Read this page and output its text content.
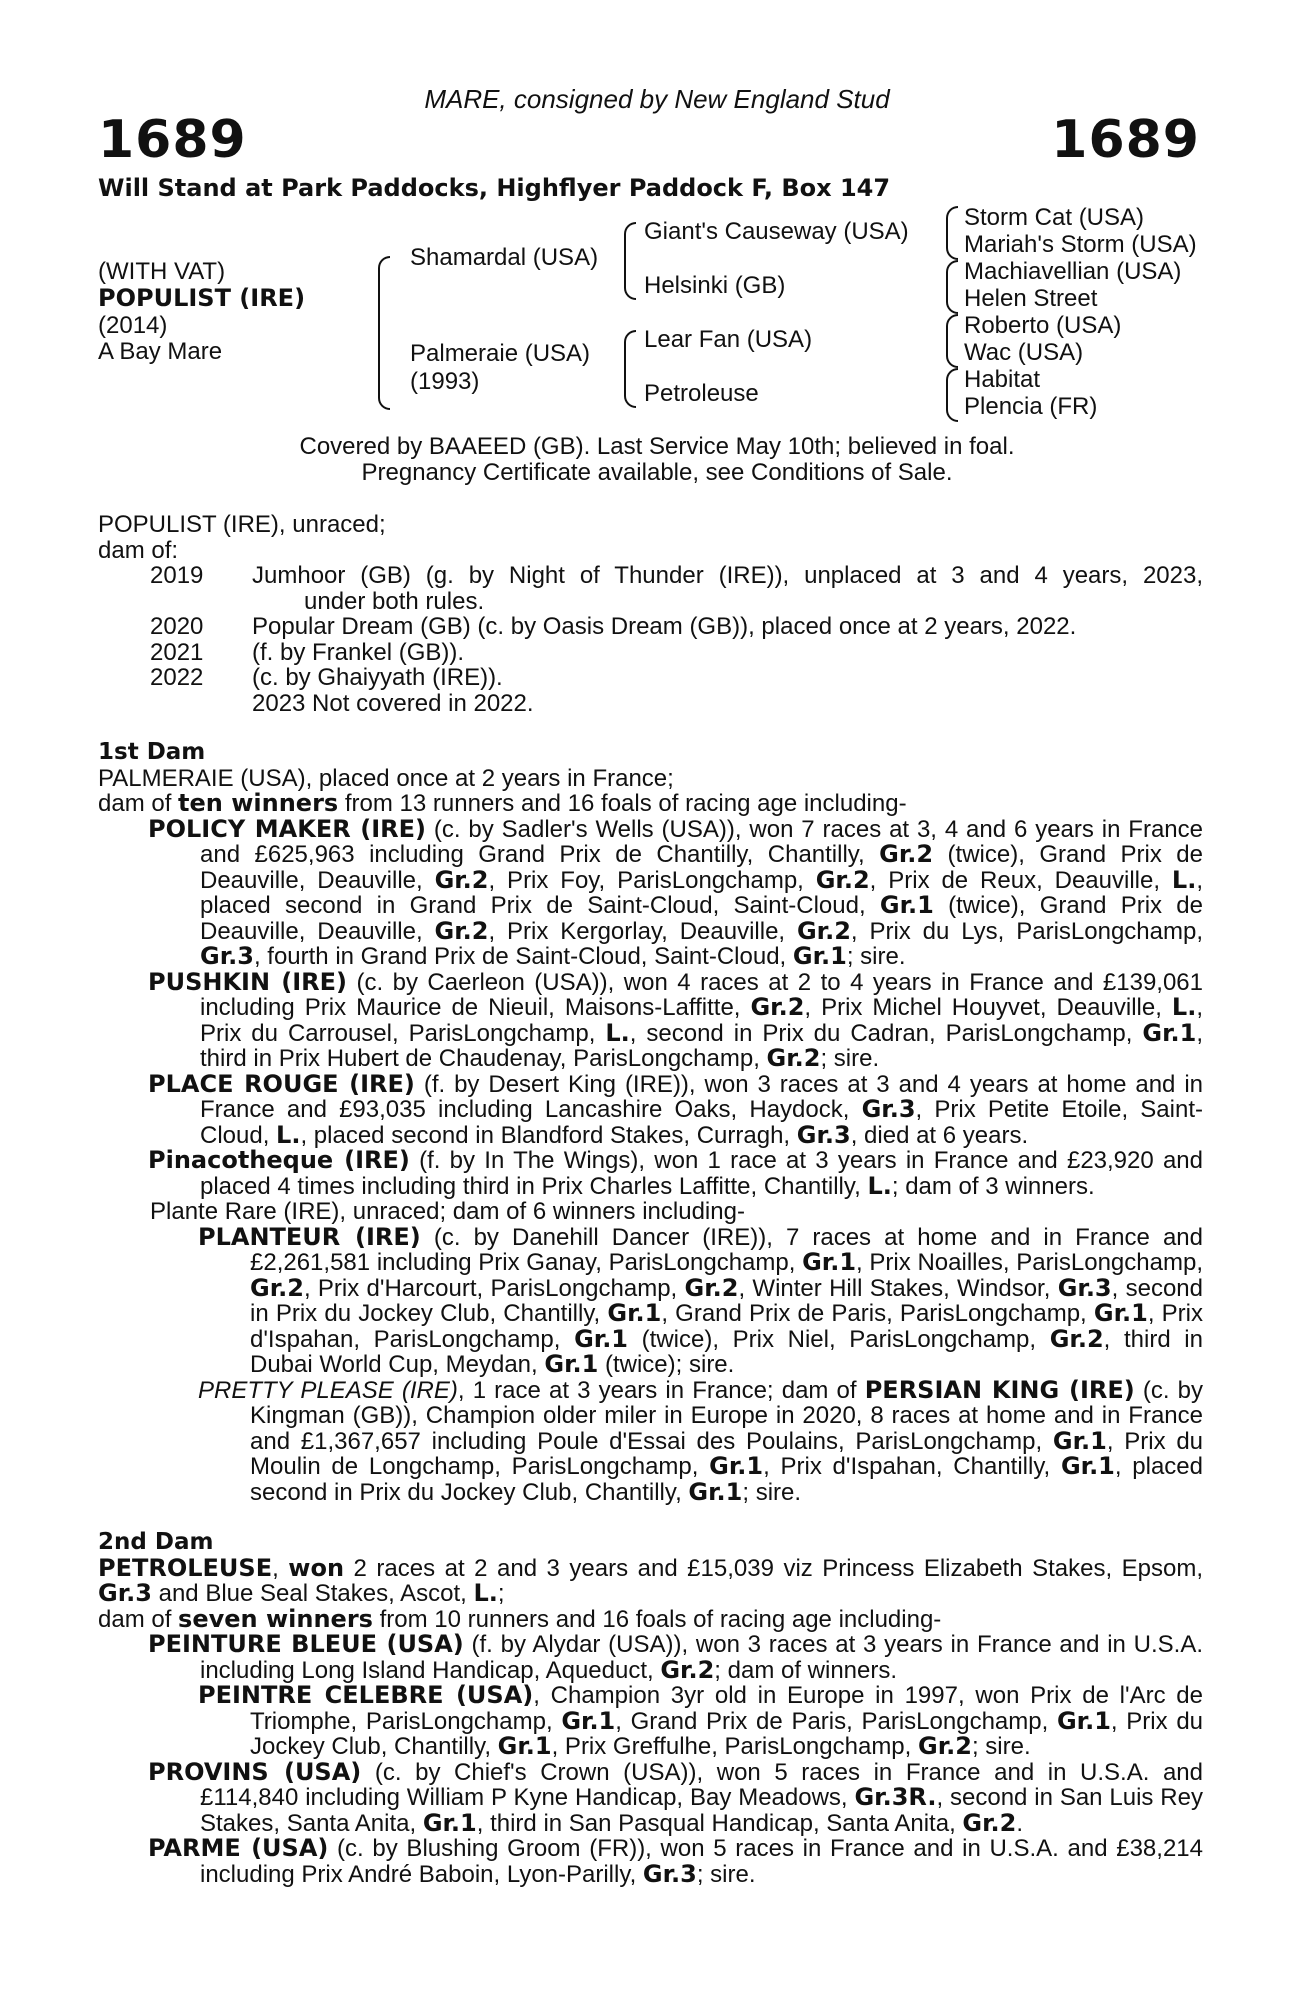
MARE, consigned by New England Stud
1689	1689
Will Stand at Park Paddocks, Highflyer Paddock F, Box 147
(WITH VAT)
POPULIST (IRE)
(2014)
A Bay Mare
Shamardal (USA)
Palmeraie (USA)
(1993)
Giant's Causeway (USA)
Helsinki (GB)
Lear Fan (USA)
Petroleuse
Storm Cat (USA)
Mariah's Storm (USA)
Machiavellian (USA)
Helen Street
Roberto (USA)
Wac (USA)
Habitat
Plencia (FR)

Covered by BAAEED (GB). Last Service May 10th; believed in foal.

Pregnancy Certificate available, see Conditions of Sale.

POPULIST (IRE), unraced;

dam of:

2019	Jumhoor (GB) (g. by Night of Thunder (IRE)), unplaced at 3 and 4 years, 2023,
under both rules.
2020	Popular Dream (GB) (c. by Oasis Dream (GB)), placed once at 2 years, 2022.
2021	(f. by Frankel (GB)).
2022	(c. by Ghaiyyath (IRE)).
2023 Not covered in 2022.

1st Dam

PALMERAIE (USA), placed once at 2 years in France;

dam of ten winners from 13 runners and 16 foals of racing age including-

POLICY MAKER (IRE) (c. by Sadler's Wells (USA)), won 7 races at 3, 4 and 6 years in France and £625,963 including Grand Prix de Chantilly, Chantilly, Gr.2 (twice), Grand Prix de Deauville, Deauville, Gr.2, Prix Foy, ParisLongchamp, Gr.2, Prix de Reux, Deauville, L., placed second in Grand Prix de Saint-Cloud, Saint-Cloud, Gr.1 (twice), Grand Prix de Deauville, Deauville, Gr.2, Prix Kergorlay, Deauville, Gr.2, Prix du Lys, ParisLongchamp, Gr.3, fourth in Grand Prix de Saint-Cloud, Saint-Cloud, Gr.1; sire.

PUSHKIN (IRE) (c. by Caerleon (USA)), won 4 races at 2 to 4 years in France and £139,061 including Prix Maurice de Nieuil, Maisons-Laffitte, Gr.2, Prix Michel Houyvet, Deauville, L., Prix du Carrousel, ParisLongchamp, L., second in Prix du Cadran, ParisLongchamp, Gr.1, third in Prix Hubert de Chaudenay, ParisLongchamp, Gr.2; sire.

PLACE ROUGE (IRE) (f. by Desert King (IRE)), won 3 races at 3 and 4 years at home and in France and £93,035 including Lancashire Oaks, Haydock, Gr.3, Prix Petite Etoile, Saint-Cloud, L., placed second in Blandford Stakes, Curragh, Gr.3, died at 6 years.

Pinacotheque (IRE) (f. by In The Wings), won 1 race at 3 years in France and £23,920 and placed 4 times including third in Prix Charles Laffitte, Chantilly, L.; dam of 3 winners.

Plante Rare (IRE), unraced; dam of 6 winners including-

PLANTEUR (IRE) (c. by Danehill Dancer (IRE)), 7 races at home and in France and £2,261,581 including Prix Ganay, ParisLongchamp, Gr.1, Prix Noailles, ParisLongchamp, Gr.2, Prix d'Harcourt, ParisLongchamp, Gr.2, Winter Hill Stakes, Windsor, Gr.3, second in Prix du Jockey Club, Chantilly, Gr.1, Grand Prix de Paris, ParisLongchamp, Gr.1, Prix d'Ispahan, ParisLongchamp, Gr.1 (twice), Prix Niel, ParisLongchamp, Gr.2, third in Dubai World Cup, Meydan, Gr.1 (twice); sire.

PRETTY PLEASE (IRE), 1 race at 3 years in France; dam of PERSIAN KING (IRE) (c. by Kingman (GB)), Champion older miler in Europe in 2020, 8 races at home and in France and £1,367,657 including Poule d'Essai des Poulains, ParisLongchamp, Gr.1, Prix du Moulin de Longchamp, ParisLongchamp, Gr.1, Prix d'Ispahan, Chantilly, Gr.1, placed second in Prix du Jockey Club, Chantilly, Gr.1; sire.

2nd Dam

PETROLEUSE, won 2 races at 2 and 3 years and £15,039 viz Princess Elizabeth Stakes, Epsom, Gr.3 and Blue Seal Stakes, Ascot, L.;

dam of seven winners from 10 runners and 16 foals of racing age including-

PEINTURE BLEUE (USA) (f. by Alydar (USA)), won 3 races at 3 years in France and in U.S.A. including Long Island Handicap, Aqueduct, Gr.2; dam of winners.

PEINTRE CELEBRE (USA), Champion 3yr old in Europe in 1997, won Prix de l'Arc de Triomphe, ParisLongchamp, Gr.1, Grand Prix de Paris, ParisLongchamp, Gr.1, Prix du Jockey Club, Chantilly, Gr.1, Prix Greffulhe, ParisLongchamp, Gr.2; sire.

PROVINS (USA) (c. by Chief's Crown (USA)), won 5 races in France and in U.S.A. and £114,840 including William P Kyne Handicap, Bay Meadows, Gr.3R., second in San Luis Rey Stakes, Santa Anita, Gr.1, third in San Pasqual Handicap, Santa Anita, Gr.2.

PARME (USA) (c. by Blushing Groom (FR)), won 5 races in France and in U.S.A. and £38,214 including Prix André Baboin, Lyon-Parilly, Gr.3; sire.
